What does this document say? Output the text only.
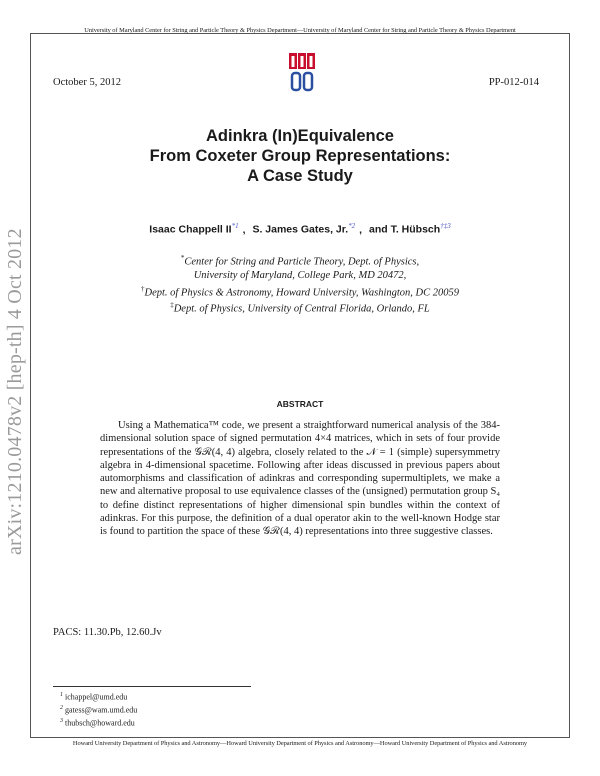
University of Maryland Center for String and Particle Theory & Physics Department—University of Maryland Center for String and Particle Theory & Physics Department
Howard University Department of Physics and Astronomy—Howard University Department of Physics and Astronomy—Howard University Department of Physics and Astronomy
October 5, 2012	PP-012-014
arXiv:1210.0478v2 [hep-th] 4 Oct 2012
Adinkra (In)Equivalence
From Coxeter Group Representations:
A Case Study
Isaac Chappell II$^{*1}$ , S. James Gates, Jr.$^{*2}$ , and T. Hübsch$^{\dagger\ddagger 3}$
*Center for String and Particle Theory, Dept. of Physics,
University of Maryland, College Park, MD 20472,
†Dept. of Physics & Astronomy, Howard University, Washington, DC 20059
‡Dept. of Physics, University of Central Florida, Orlando, FL
ABSTRACT

Using a Mathematica™ code, we present a straightforward numerical analysis of the 384-dimensional solution space of signed permutation 4×4 matrices, which in sets of four provide representations of the 𝒢ℛ(4, 4) algebra, closely related to the 𝒩 = 1 (simple) supersymmetry algebra in 4-dimensional spacetime. Following after ideas discussed in previous papers about automorphisms and classification of adinkras and corresponding supermultiplets, we make a new and alternative proposal to use equivalence classes of the (unsigned) permutation group S₄ to define distinct representations of higher dimensional spin bundles within the context of adinkras. For this purpose, the definition of a dual operator akin to the well-known Hodge star is found to partition the space of these 𝒢ℛ(4, 4) representations into three suggestive classes.

PACS: 11.30.Pb, 12.60.Jv
$^1$ ichappel@umd.edu
$^2$ gatess@wam.umd.edu
$^3$ thubsch@howard.edu
